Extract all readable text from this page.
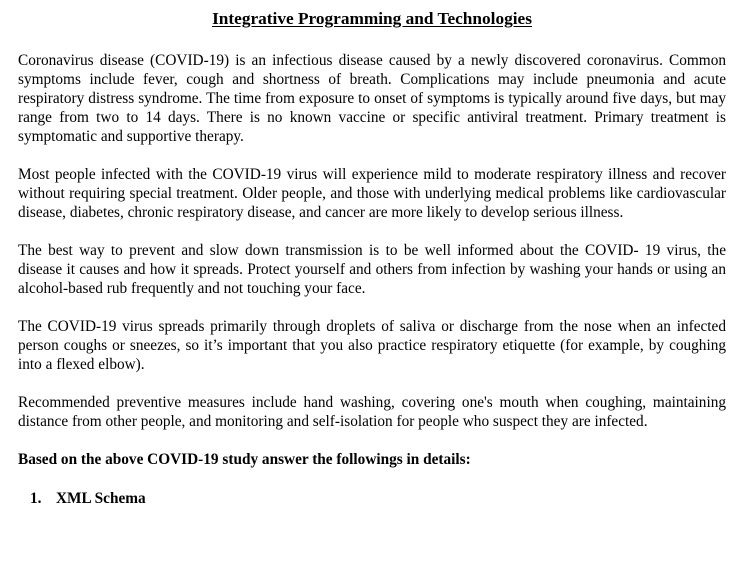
Integrative Programming and Technologies

Coronavirus disease (COVID-19) is an infectious disease caused by a newly discovered coronavirus. Common symptoms include fever, cough and shortness of breath. Complications may include pneumonia and acute respiratory distress syndrome. The time from exposure to onset of symptoms is typically around five days, but may range from two to 14 days. There is no known vaccine or specific antiviral treatment. Primary treatment is symptomatic and supportive therapy.

Most people infected with the COVID-19 virus will experience mild to moderate respiratory illness and recover without requiring special treatment. Older people, and those with underlying medical problems like cardiovascular disease, diabetes, chronic respiratory disease, and cancer are more likely to develop serious illness.

The best way to prevent and slow down transmission is to be well informed about the COVID- 19 virus, the disease it causes and how it spreads. Protect yourself and others from infection by washing your hands or using an alcohol-based rub frequently and not touching your face.

The COVID-19 virus spreads primarily through droplets of saliva or discharge from the nose when an infected person coughs or sneezes, so it’s important that you also practice respiratory etiquette (for example, by coughing into a flexed elbow).

Recommended preventive measures include hand washing, covering one's mouth when coughing, maintaining distance from other people, and monitoring and self-isolation for people who suspect they are infected.

Based on the above COVID-19 study answer the followings in details:

1. XML Schema
